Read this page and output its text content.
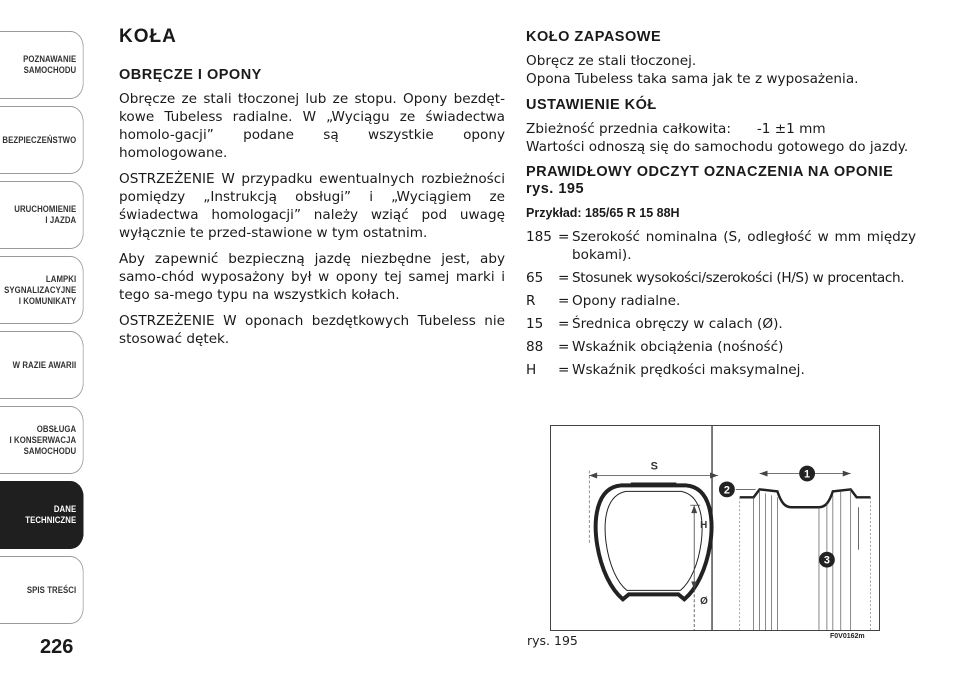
POZNAWANIE
SAMOCHODU
BEZPIECZEŃSTWO
URUCHOMIENIE
I JAZDA
LAMPKI
SYGNALIZACYJNE
I KOMUNIKATY
W RAZIE AWARII
OBSŁUGA
I KONSERWACJA
SAMOCHODU
DANE
TECHNICZNE
SPIS TREŚCI
226
KOŁA
OBRĘCZE I OPONY

Obręcze ze stali tłoczonej lub ze stopu. Opony bezdęt-kowe Tubeless radialne. W „Wyciągu ze świadectwa homolo-gacji” podane są wszystkie opony homologowane.

OSTRZEŻENIE W przypadku ewentualnych rozbieżności pomiędzy „Instrukcją obsługi” i „Wyciągiem ze świadectwa homologacji” należy wziąć pod uwagę wyłącznie te przed-stawione w tym ostatnim.

Aby zapewnić bezpieczną jazdę niezbędne jest, aby samo-chód wyposażony był w opony tej samej marki i tego sa-mego typu na wszystkich kołach.

OSTRZEŻENIE W oponach bezdętkowych Tubeless nie stosować dętek.

KOŁO ZAPASOWE
Obręcz ze stali tłoczonej.
Opona Tubeless taka sama jak te z wyposażenia.
USTAWIENIE KÓŁ
Zbieżność przednia całkowita:      -1 ±1 mm
Wartości odnoszą się do samochodu gotowego do jazdy.
PRAWIDŁOWY ODCZYT OZNACZENIA NA OPONIE rys. 195
Przykład: 185/65 R 15 88H
185 = Szerokość nominalna (S, odległość w mm między bokami).
65	= Stosunek wysokości/szerokości (H/S) w procentach.
R	= Opony radialne.
15	= Średnica obręczy w calach (Ø).
88	= Wskaźnik obciążenia (nośność)
H	= Wskaźnik prędkości maksymalnej.
S
H
Ø
1
2
3
rys. 195	F0V0162m
